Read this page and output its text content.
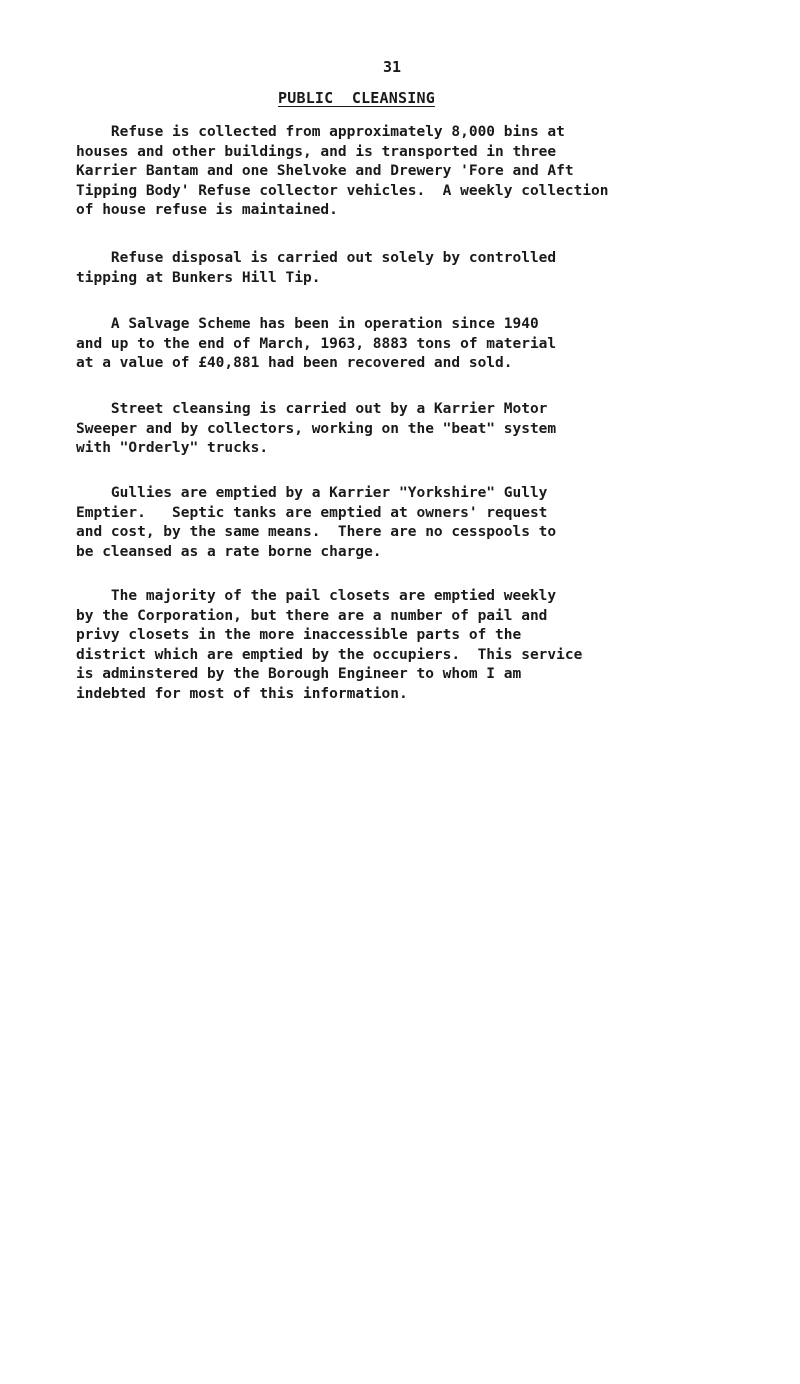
31
PUBLIC  CLEANSING

Refuse is collected from approximately 8,000 bins at
houses and other buildings, and is transported in three
Karrier Bantam and one Shelvoke and Drewery 'Fore and Aft
Tipping Body' Refuse collector vehicles.  A weekly collection
of house refuse is maintained.

Refuse disposal is carried out solely by controlled
tipping at Bunkers Hill Tip.

A Salvage Scheme has been in operation since 1940
and up to the end of March, 1963, 8883 tons of material
at a value of £40,881 had been recovered and sold.

Street cleansing is carried out by a Karrier Motor
Sweeper and by collectors, working on the "beat" system
with "Orderly" trucks.

Gullies are emptied by a Karrier "Yorkshire" Gully
Emptier.   Septic tanks are emptied at owners' request
and cost, by the same means.  There are no cesspools to
be cleansed as a rate borne charge.

The majority of the pail closets are emptied weekly
by the Corporation, but there are a number of pail and
privy closets in the more inaccessible parts of the
district which are emptied by the occupiers.  This service
is adminstered by the Borough Engineer to whom I am
indebted for most of this information.
